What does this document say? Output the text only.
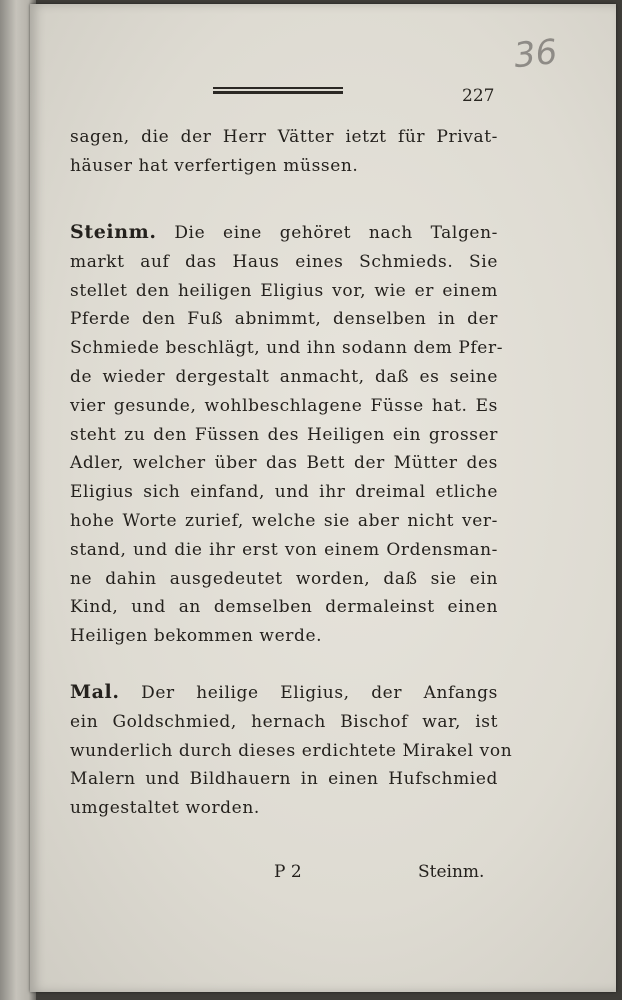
36
227
sagen, die der Herr Vätter ietzt für Privat-
häuser hat verfertigen müssen.
Steinm. Die eine gehöret nach Talgen-
markt auf das Haus eines Schmieds. Sie
stellet den heiligen Eligius vor, wie er einem
Pferde den Fuß abnimmt, denselben in der
Schmiede beschlägt, und ihn sodann dem Pfer-
de wieder dergestalt anmacht, daß es seine
vier gesunde, wohlbeschlagene Füsse hat. Es
steht zu den Füssen des Heiligen ein grosser
Adler, welcher über das Bett der Mütter des
Eligius sich einfand, und ihr dreimal etliche
hohe Worte zurief, welche sie aber nicht ver-
stand, und die ihr erst von einem Ordensman-
ne dahin ausgedeutet worden, daß sie ein
Kind, und an demselben dermaleinst einen
Heiligen bekommen werde.
Mal. Der heilige Eligius, der Anfangs
ein Goldschmied, hernach Bischof war, ist
wunderlich durch dieses erdichtete Mirakel von
Malern und Bildhauern in einen Hufschmied
umgestaltet worden.
P 2	Steinm.
